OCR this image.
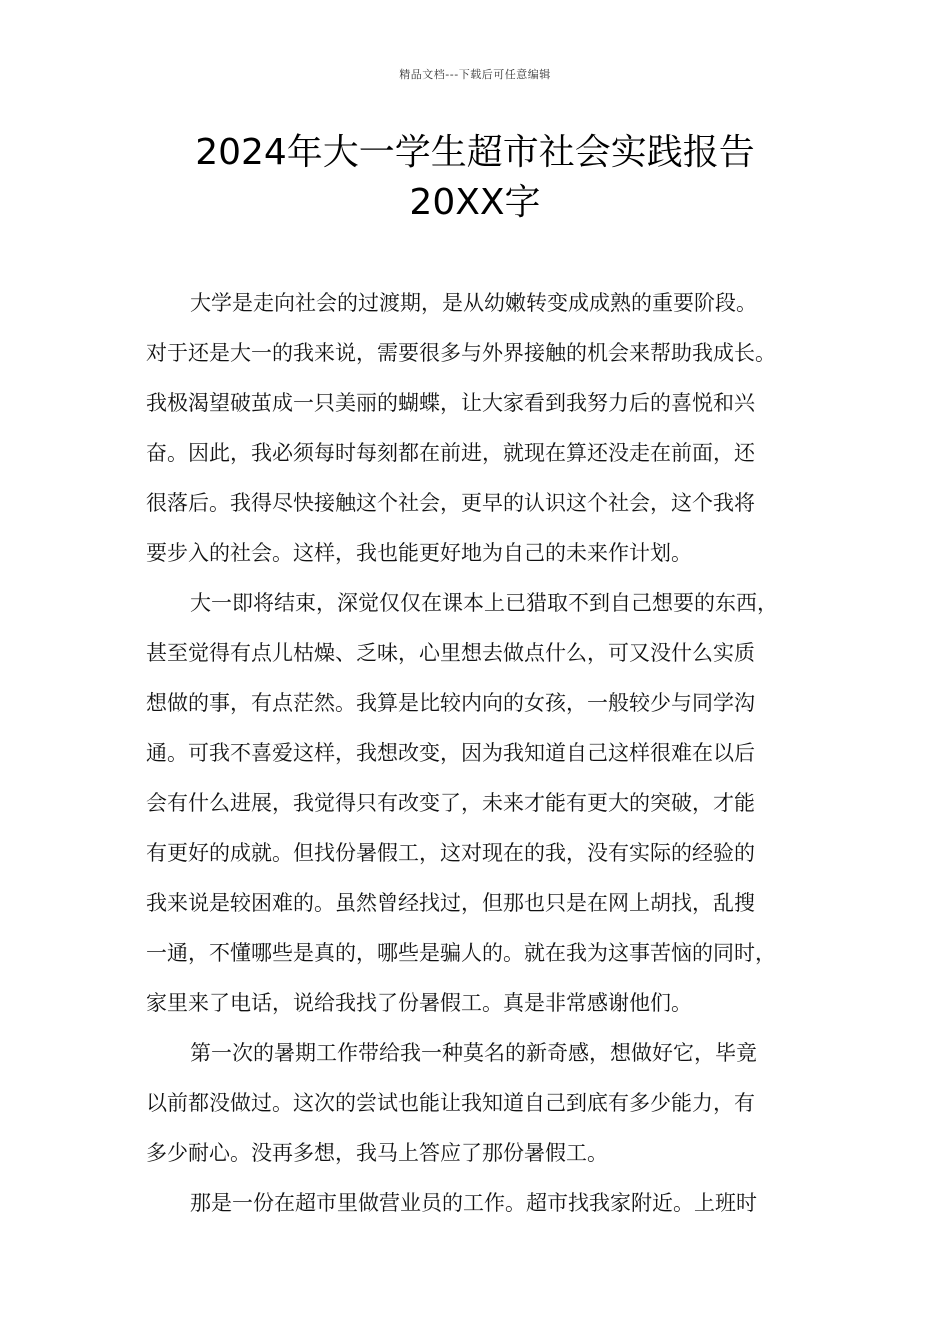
精品文档---下载后可任意编辑
2024年大一学生超市社会实践报告
20XX字
大学是走向社会的过渡期，是从幼嫩转变成成熟的重要阶段。
对于还是大一的我来说，需要很多与外界接触的机会来帮助我成长。
我极渴望破茧成一只美丽的蝴蝶，让大家看到我努力后的喜悦和兴
奋。因此，我必须每时每刻都在前进，就现在算还没走在前面，还
很落后。我得尽快接触这个社会，更早的认识这个社会，这个我将
要步入的社会。这样，我也能更好地为自己的未来作计划。
大一即将结束，深觉仅仅在课本上已猎取不到自己想要的东西，
甚至觉得有点儿枯燥、乏味，心里想去做点什么，可又没什么实质
想做的事，有点茫然。我算是比较内向的女孩，一般较少与同学沟
通。可我不喜爱这样，我想改变，因为我知道自己这样很难在以后
会有什么进展，我觉得只有改变了，未来才能有更大的突破，才能
有更好的成就。但找份暑假工，这对现在的我，没有实际的经验的
我来说是较困难的。虽然曾经找过，但那也只是在网上胡找，乱搜
一通，不懂哪些是真的，哪些是骗人的。就在我为这事苦恼的同时，
家里来了电话，说给我找了份暑假工。真是非常感谢他们。
第一次的暑期工作带给我一种莫名的新奇感，想做好它，毕竟
以前都没做过。这次的尝试也能让我知道自己到底有多少能力，有
多少耐心。没再多想，我马上答应了那份暑假工。
那是一份在超市里做营业员的工作。超市找我家附近。上班时
